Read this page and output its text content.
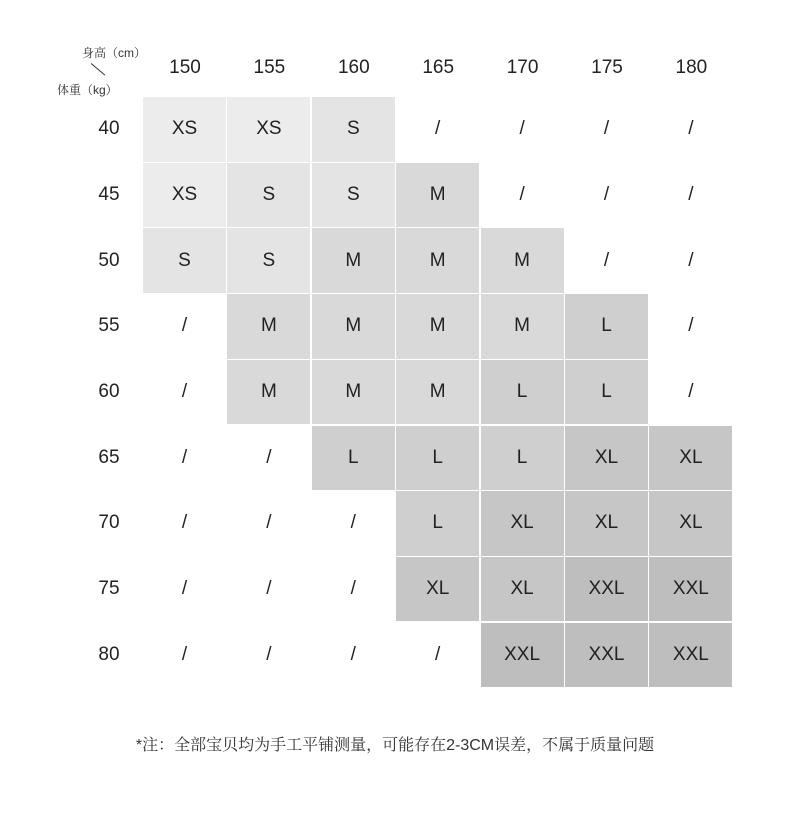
身高（cm）
体重（kg）
150	155	160	165	170	175	180
40	XS	XS	S	/	/	/	/
45	XS	S	S	M	/	/	/
50	S	S	M	M	M	/	/
55	/	M	M	M	M	L	/
60	/	M	M	M	L	L	/
65	/	/	L	L	L	XL	XL
70	/	/	/	L	XL	XL	XL
75	/	/	/	XL	XL	XXL	XXL
80	/	/	/	/	XXL	XXL	XXL
*注：全部宝贝均为手工平铺测量，可能存在2-3CM误差，不属于质量问题
